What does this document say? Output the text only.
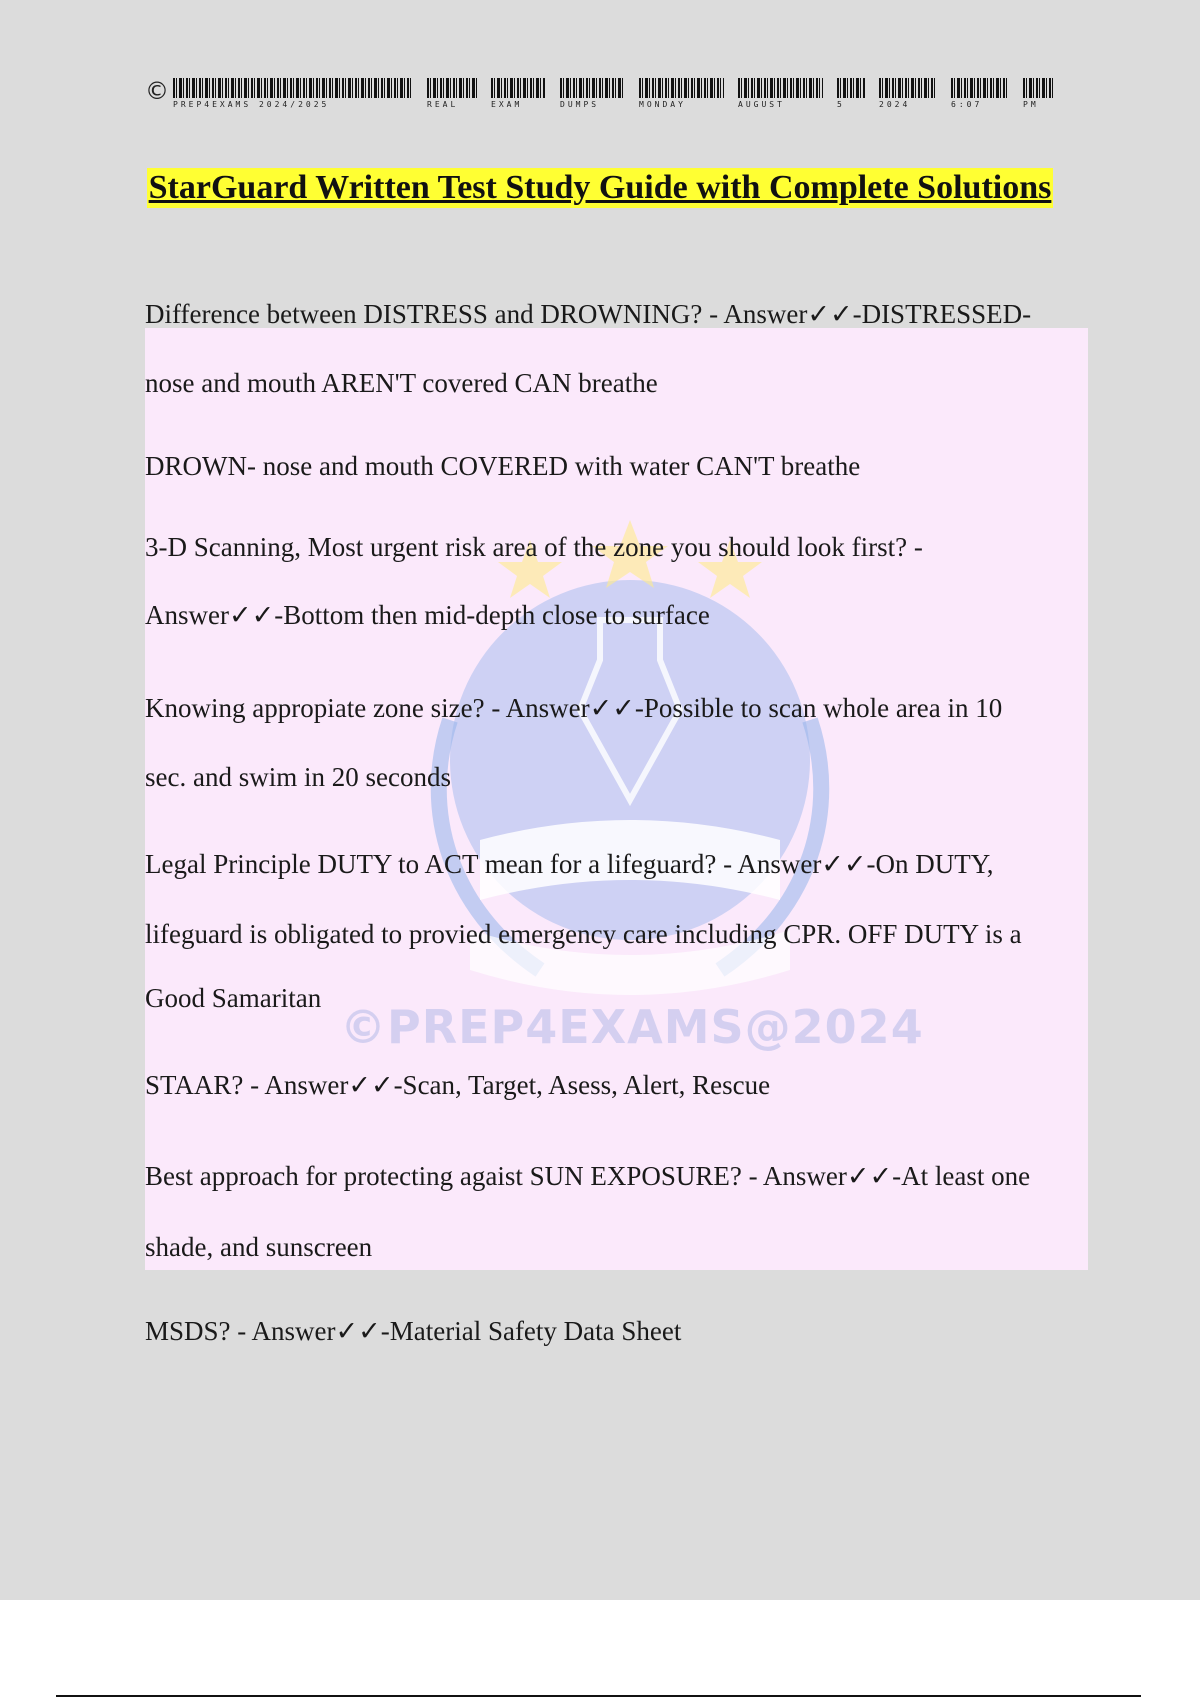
© PREP4EXAMS 2024/2025	REAL	EXAM	DUMPS	MONDAY	AUGUST	5	2024	6:07	PM
StarGuard Written Test Study Guide with Complete Solutions
©PREP4EXAMS@2024
Difference between DISTRESS and DROWNING? - Answer✓✓-DISTRESSED-
nose and mouth AREN'T covered CAN breathe
DROWN- nose and mouth COVERED with water CAN'T breathe
3-D Scanning, Most urgent risk area of the zone you should look first? -
Answer✓✓-Bottom then mid-depth close to surface
Knowing appropiate zone size? - Answer✓✓-Possible to scan whole area in 10
sec. and swim in 20 seconds
Legal Principle DUTY to ACT mean for a lifeguard? - Answer✓✓-On DUTY,
lifeguard is obligated to provied emergency care including CPR. OFF DUTY is a
Good Samaritan
STAAR? - Answer✓✓-Scan, Target, Asess, Alert, Rescue
Best approach for protecting agaist SUN EXPOSURE? - Answer✓✓-At least one
shade, and sunscreen
MSDS? - Answer✓✓-Material Safety Data Sheet
